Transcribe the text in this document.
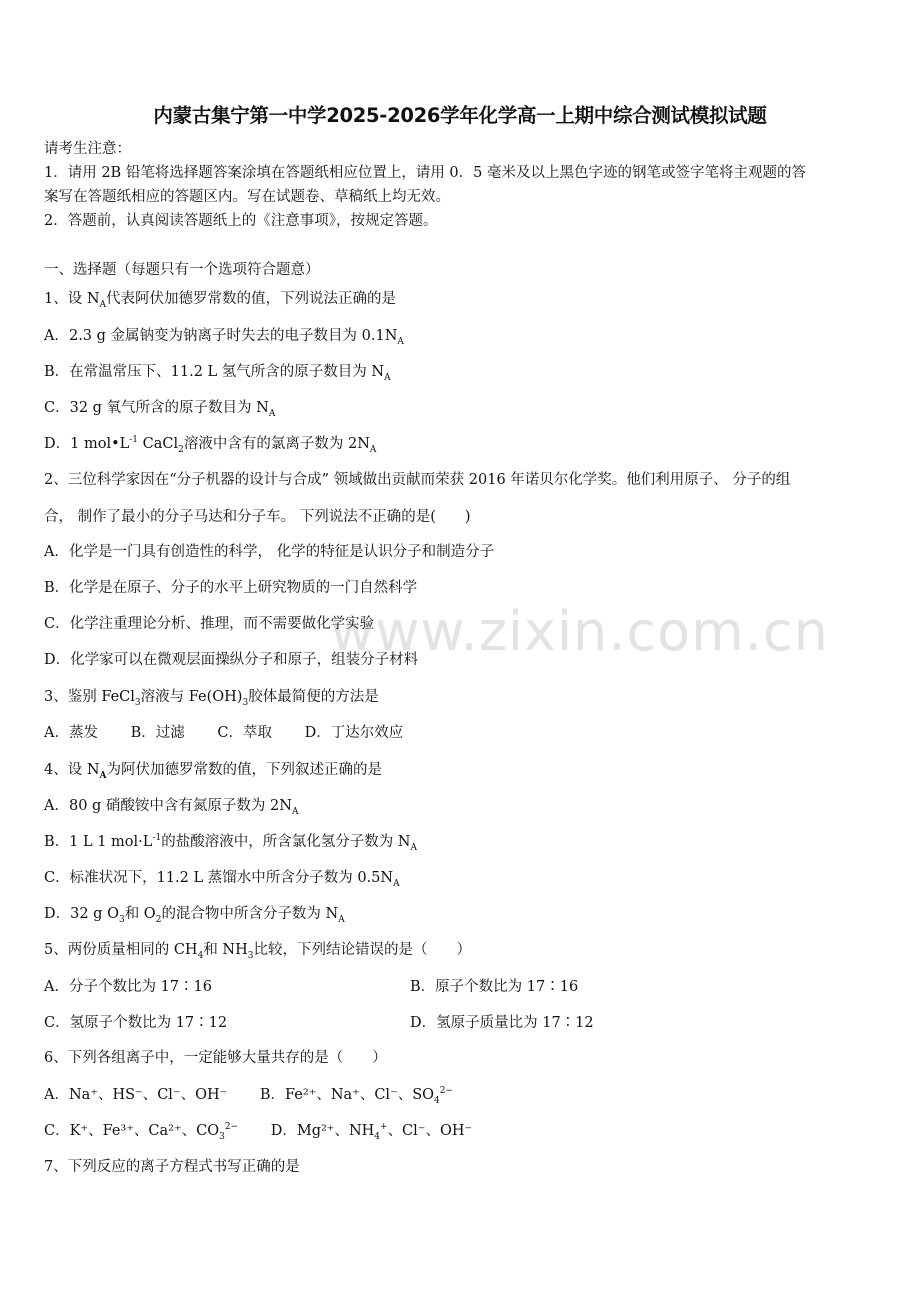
www.zixin.com.cn
内蒙古集宁第一中学2025-2026学年化学高一上期中综合测试模拟试题
请考生注意：
1．请用 2B 铅笔将选择题答案涂填在答题纸相应位置上，请用 0．5 毫米及以上黑色字迹的钢笔或签字笔将主观题的答
案写在答题纸相应的答题区内。写在试题卷、草稿纸上均无效。
2．答题前，认真阅读答题纸上的《注意事项》，按规定答题。
一、选择题（每题只有一个选项符合题意）
1、设 $N_A$代表阿伏加德罗常数的值，下列说法正确的是
A．2.3 g 金属钠变为钠离子时失去的电子数目为 $0.1N_A$
B．在常温常压下、11.2 L 氢气所含的原子数目为 $N_A$
C．32 g 氧气所含的原子数目为 $N_A$
D．1 $mol•L^{-1}$ CaCl$_2$溶液中含有的氯离子数为 $2N_A$
2、三位科学家因在“分子机器的设计与合成” 领域做出贡献而荣获 2016 年诺贝尔化学奖。他们利用原子、 分子的组
合， 制作了最小的分子马达和分子车。 下列说法不正确的是(　　)
A．化学是一门具有创造性的科学， 化学的特征是认识分子和制造分子
B．化学是在原子、分子的水平上研究物质的一门自然科学
C．化学注重理论分析、推理，而不需要做化学实验
D．化学家可以在微观层面操纵分子和原子，组装分子材料
3、鉴别 FeCl$_3$溶液与 $Fe(OH)_3$胶体最简便的方法是
A．蒸发 B．过滤 C．萃取 D．丁达尔效应
4、设 $N_A$为阿伏加德罗常数的值，下列叙述正确的是
A．80 g 硝酸铵中含有氮原子数为 $2N_A$
B．1 L 1 $mol\cdot L^{-1}$的盐酸溶液中，所含氯化氢分子数为 $N_A$
C．标准状况下，11.2 L 蒸馏水中所含分子数为 $0.5N_A$
D．32 g $O_3$和 $O_2$的混合物中所含分子数为 $N_A$
5、两份质量相同的 $CH_4$和 $NH_3$比较，下列结论错误的是（　　）
A．分子个数比为 17∶16	B．原子个数比为 17∶16
C．氢原子个数比为 17∶12	D．氢原子质量比为 17∶12
6、下列各组离子中，一定能够大量共存的是（　　）
A．Na⁺、HS⁻、Cl⁻、OH⁻ B．Fe²⁺、Na⁺、Cl⁻、$SO_4^{2-}$
C．K⁺、Fe³⁺、Ca²⁺、$CO_3^{2-}$ D．Mg²⁺、$NH_4^+$、Cl⁻、OH⁻
7、下列反应的离子方程式书写正确的是
